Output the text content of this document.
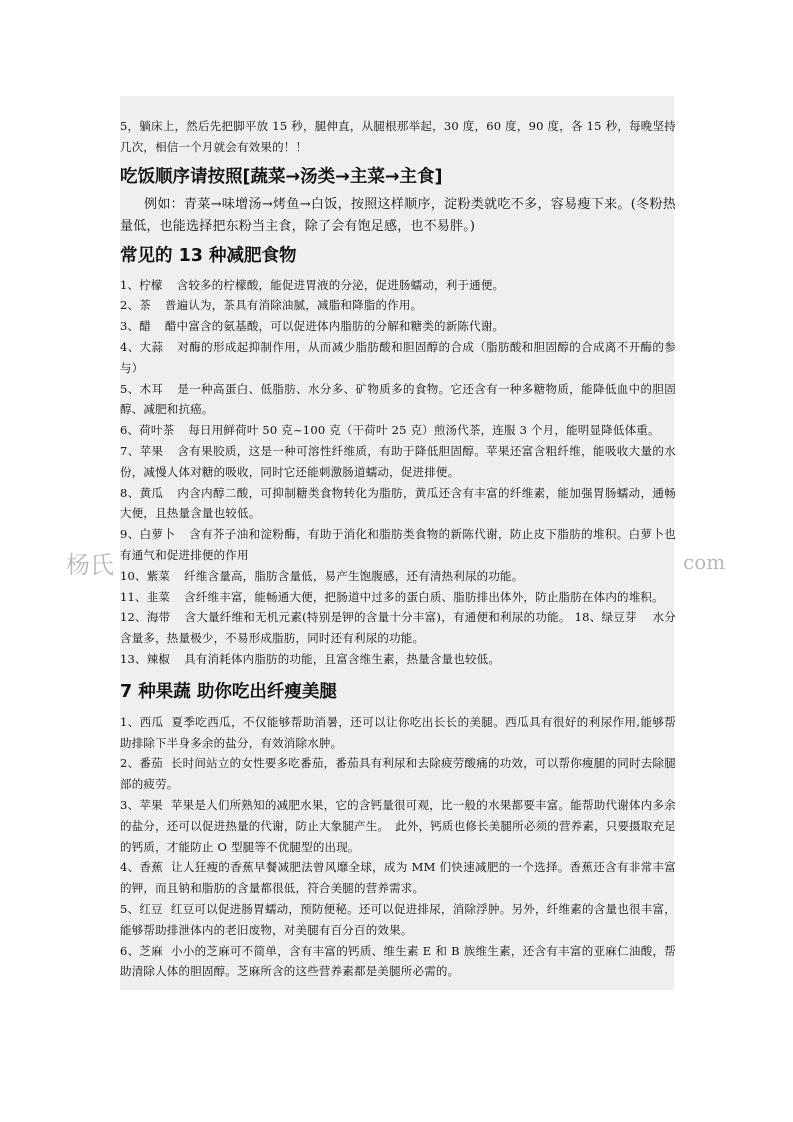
杨氏	com

5，躺床上，然后先把脚平放 15 秒，腿伸直，从腿根那举起，30 度，60 度，90 度，各 15 秒，每晚坚持几次，相信一个月就会有效果的！！

吃饭顺序请按照[蔬菜→汤类→主菜→主食]

例如：青菜→味增汤→烤鱼→白饭，按照这样顺序，淀粉类就吃不多，容易瘦下来。(冬粉热量低，也能选择把东粉当主食，除了会有饱足感，也不易胖。)

常见的 13 种减肥食物

1、柠檬 含较多的柠檬酸，能促进胃液的分泌，促进肠蠕动，利于通便。

2、茶 普遍认为，茶具有消除油腻，减脂和降脂的作用。

3、醋 醋中富含的氨基酸，可以促进体内脂肪的分解和糖类的新陈代谢。

4、大蒜 对酶的形成起抑制作用，从而减少脂肪酸和胆固醇的合成（脂肪酸和胆固醇的合成离不开酶的参与）

5、木耳 是一种高蛋白、低脂肪、水分多、矿物质多的食物。它还含有一种多糖物质，能降低血中的胆固醇、减肥和抗癌。

6、荷叶茶 每日用鲜荷叶 50 克~100 克（干荷叶 25 克）煎汤代茶，连服 3 个月，能明显降低体重。

7、苹果 含有果胶质，这是一种可溶性纤维质，有助于降低胆固醇。苹果还富含粗纤维，能吸收大量的水份，减慢人体对糖的吸收，同时它还能刺激肠道蠕动，促进排便。

8、黄瓜 内含内醇二酸，可抑制糖类食物转化为脂肪，黄瓜还含有丰富的纤维素，能加强胃肠蠕动，通畅大便，且热量含量也较低。

9、白萝卜 含有芥子油和淀粉酶，有助于消化和脂肪类食物的新陈代谢，防止皮下脂肪的堆积。白萝卜也有通气和促进排便的作用

10、紫菜 纤维含量高，脂肪含量低，易产生饱腹感，还有清热利尿的功能。

11、韭菜 含纤维丰富，能畅通大便，把肠道中过多的蛋白质、脂肪排出体外，防止脂肪在体内的堆积。

12、海带 含大量纤维和无机元素(特别是钾的含量十分丰富)，有通便和利尿的功能。 18、绿豆芽　 水分含量多，热量极少，不易形成脂肪，同时还有利尿的功能。

13、辣椒 具有消耗体内脂肪的功能，且富含维生素，热量含量也较低。

7 种果蔬 助你吃出纤瘦美腿

1、西瓜 夏季吃西瓜，不仅能够帮助消暑，还可以让你吃出长长的美腿。西瓜具有很好的利尿作用,能够帮助排除下半身多余的盐分，有效消除水肿。

2、番茄 长时间站立的女性要多吃番茄，番茄具有利尿和去除疲劳酸痛的功效，可以帮你瘦腿的同时去除腿部的疲劳。

3、苹果 苹果是人们所熟知的减肥水果，它的含钙量很可观，比一般的水果都要丰富。能帮助代谢体内多余的盐分，还可以促进热量的代谢，防止大象腿产生。　此外，钙质也修长美腿所必须的营养素，只要摄取充足的钙质，才能防止 O 型腿等不优腿型的出现。

4、香蕉 让人狂瘦的香蕉早餐减肥法曾风靡全球，成为 MM 们快速减肥的一个选择。香蕉还含有非常丰富的钾，而且钠和脂肪的含量都很低，符合美腿的营养需求。

5、红豆 红豆可以促进肠胃蠕动，预防便秘。还可以促进排尿，消除浮肿。另外，纤维素的含量也很丰富，能够帮助排泄体内的老旧废物，对美腿有百分百的效果。

6、芝麻 小小的芝麻可不简单，含有丰富的钙质、维生素 E 和 B 族维生素，还含有丰富的亚麻仁油酸，帮助清除人体的胆固醇。芝麻所含的这些营养素都是美腿所必需的。
